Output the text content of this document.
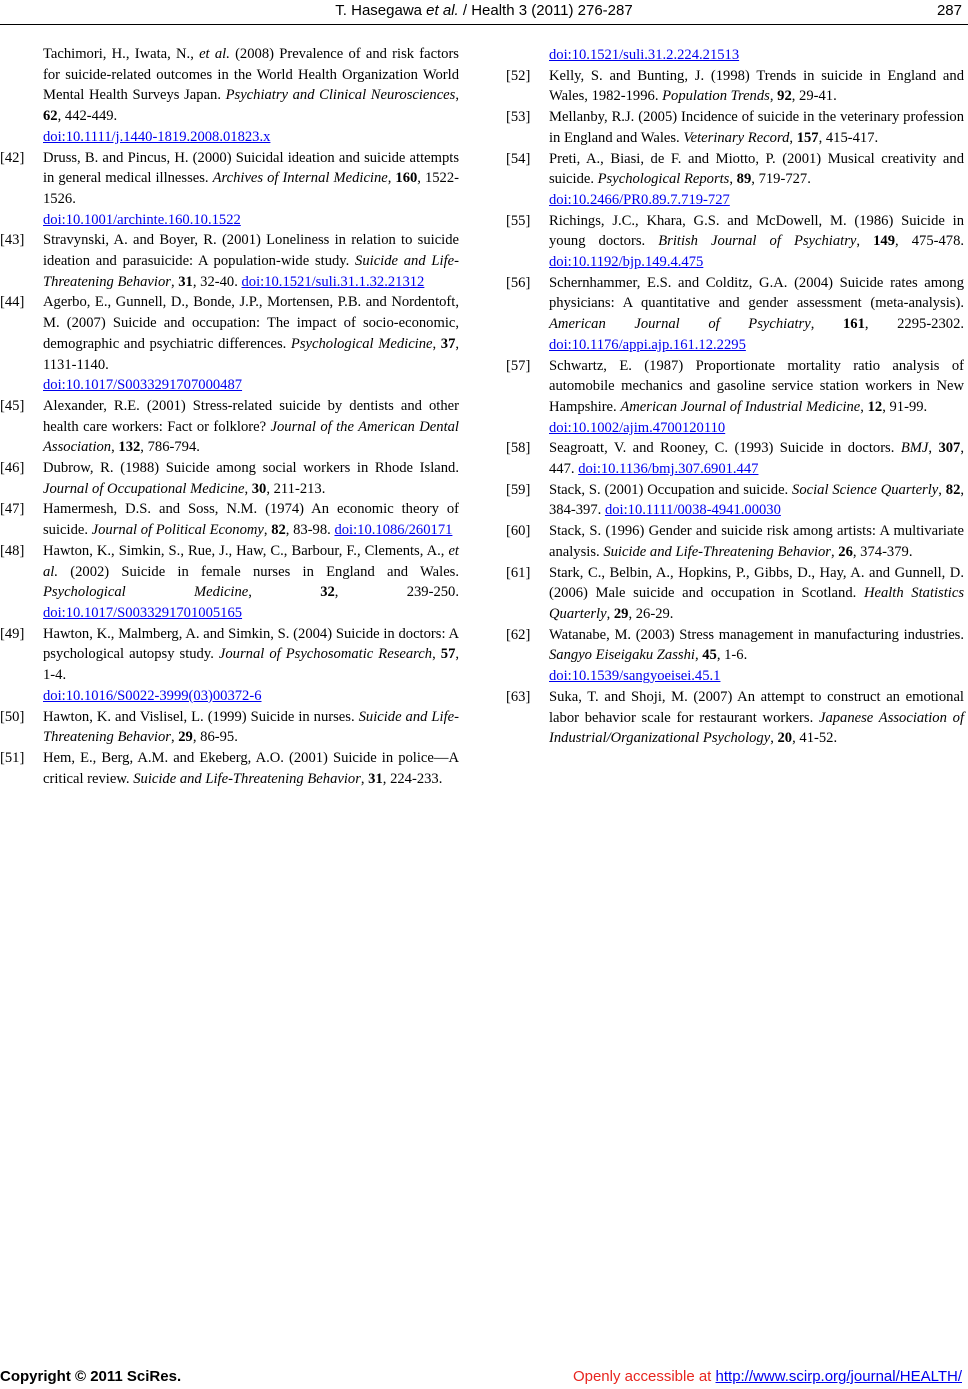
T. Hasegawa et al. / Health 3 (2011) 276-287	287
Tachimori, H., Iwata, N., et al. (2008) Prevalence of and risk factors for suicide-related outcomes in the World Health Organization World Mental Health Surveys Japan. Psychiatry and Clinical Neurosciences, 62, 442-449.
doi:10.1111/j.1440-1819.2008.01823.x
[42] Druss, B. and Pincus, H. (2000) Suicidal ideation and suicide attempts in general medical illnesses. Archives of Internal Medicine, 160, 1522-1526.
doi:10.1001/archinte.160.10.1522
[43] Stravynski, A. and Boyer, R. (2001) Loneliness in relation to suicide ideation and parasuicide: A population-wide study. Suicide and Life-Threatening Behavior, 31, 32-40. doi:10.1521/suli.31.1.32.21312
[44] Agerbo, E., Gunnell, D., Bonde, J.P., Mortensen, P.B. and Nordentoft, M. (2007) Suicide and occupation: The impact of socio-economic, demographic and psychiatric differences. Psychological Medicine, 37, 1131-1140.
doi:10.1017/S0033291707000487
[45] Alexander, R.E. (2001) Stress-related suicide by dentists and other health care workers: Fact or folklore? Journal of the American Dental Association, 132, 786-794.
[46] Dubrow, R. (1988) Suicide among social workers in Rhode Island. Journal of Occupational Medicine, 30, 211-213.
[47] Hamermesh, D.S. and Soss, N.M. (1974) An economic theory of suicide. Journal of Political Economy, 82, 83-98. doi:10.1086/260171
[48] Hawton, K., Simkin, S., Rue, J., Haw, C., Barbour, F., Clements, A., et al. (2002) Suicide in female nurses in England and Wales. Psychological Medicine, 32, 239-250. doi:10.1017/S0033291701005165
[49] Hawton, K., Malmberg, A. and Simkin, S. (2004) Suicide in doctors: A psychological autopsy study. Journal of Psychosomatic Research, 57, 1-4.
doi:10.1016/S0022-3999(03)00372-6
[50] Hawton, K. and Vislisel, L. (1999) Suicide in nurses. Suicide and Life-Threatening Behavior, 29, 86-95.
[51] Hem, E., Berg, A.M. and Ekeberg, A.O. (2001) Suicide in police—A critical review. Suicide and Life-Threatening Behavior, 31, 224-233.
doi:10.1521/suli.31.2.224.21513
[52] Kelly, S. and Bunting, J. (1998) Trends in suicide in England and Wales, 1982-1996. Population Trends, 92, 29-41.
[53] Mellanby, R.J. (2005) Incidence of suicide in the veterinary profession in England and Wales. Veterinary Record, 157, 415-417.
[54] Preti, A., Biasi, de F. and Miotto, P. (2001) Musical creativity and suicide. Psychological Reports, 89, 719-727.
doi:10.2466/PR0.89.7.719-727
[55] Richings, J.C., Khara, G.S. and McDowell, M. (1986) Suicide in young doctors. British Journal of Psychiatry, 149, 475-478. doi:10.1192/bjp.149.4.475
[56] Schernhammer, E.S. and Colditz, G.A. (2004) Suicide rates among physicians: A quantitative and gender assessment (meta-analysis). American Journal of Psychiatry, 161, 2295-2302. doi:10.1176/appi.ajp.161.12.2295
[57] Schwartz, E. (1987) Proportionate mortality ratio analysis of automobile mechanics and gasoline service station workers in New Hampshire. American Journal of Industrial Medicine, 12, 91-99.
doi:10.1002/ajim.4700120110
[58] Seagroatt, V. and Rooney, C. (1993) Suicide in doctors. BMJ, 307, 447. doi:10.1136/bmj.307.6901.447
[59] Stack, S. (2001) Occupation and suicide. Social Science Quarterly, 82, 384-397. doi:10.1111/0038-4941.00030
[60] Stack, S. (1996) Gender and suicide risk among artists: A multivariate analysis. Suicide and Life-Threatening Behavior, 26, 374-379.
[61] Stark, C., Belbin, A., Hopkins, P., Gibbs, D., Hay, A. and Gunnell, D. (2006) Male suicide and occupation in Scotland. Health Statistics Quarterly, 29, 26-29.
[62] Watanabe, M. (2003) Stress management in manufacturing industries. Sangyo Eiseigaku Zasshi, 45, 1-6.
doi:10.1539/sangyoeisei.45.1
[63] Suka, T. and Shoji, M. (2007) An attempt to construct an emotional labor behavior scale for restaurant workers. Japanese Association of Industrial/Organizational Psychology, 20, 41-52.
Copyright © 2011 SciRes.	Openly accessible at http://www.scirp.org/journal/HEALTH/
